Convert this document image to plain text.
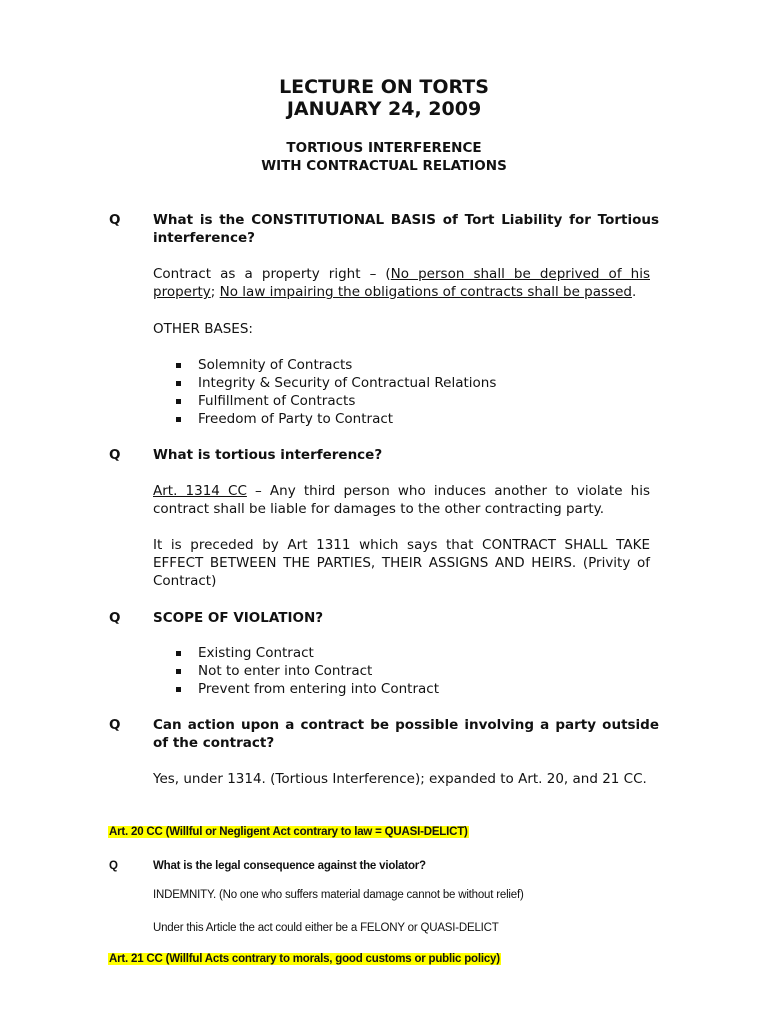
LECTURE ON TORTS
JANUARY 24, 2009
TORTIOUS INTERFERENCE
WITH CONTRACTUAL RELATIONS
Q What is the CONSTITUTIONAL BASIS of Tort Liability for Tortious interference?
Contract as a property right – (No person shall be deprived of his property; No law impairing the obligations of contracts shall be passed.
OTHER BASES:
Solemnity of Contracts
Integrity & Security of Contractual Relations
Fulfillment of Contracts
Freedom of Party to Contract
Q What is tortious interference?
Art. 1314 CC – Any third person who induces another to violate his contract shall be liable for damages to the other contracting party.
It is preceded by Art 1311 which says that CONTRACT SHALL TAKE EFFECT BETWEEN THE PARTIES, THEIR ASSIGNS AND HEIRS. (Privity of Contract)
Q SCOPE OF VIOLATION?
Existing Contract
Not to enter into Contract
Prevent from entering into Contract
Q Can action upon a contract be possible involving a party outside of the contract?
Yes, under 1314. (Tortious Interference); expanded to Art. 20, and 21 CC.
Art. 20 CC (Willful or Negligent Act contrary to law = QUASI-DELICT)
Q	What is the legal consequence against the violator?
INDEMNITY. (No one who suffers material damage cannot be without relief)
Under this Article the act could either be a FELONY or QUASI-DELICT
Art. 21 CC (Willful Acts contrary to morals, good customs or public policy)
